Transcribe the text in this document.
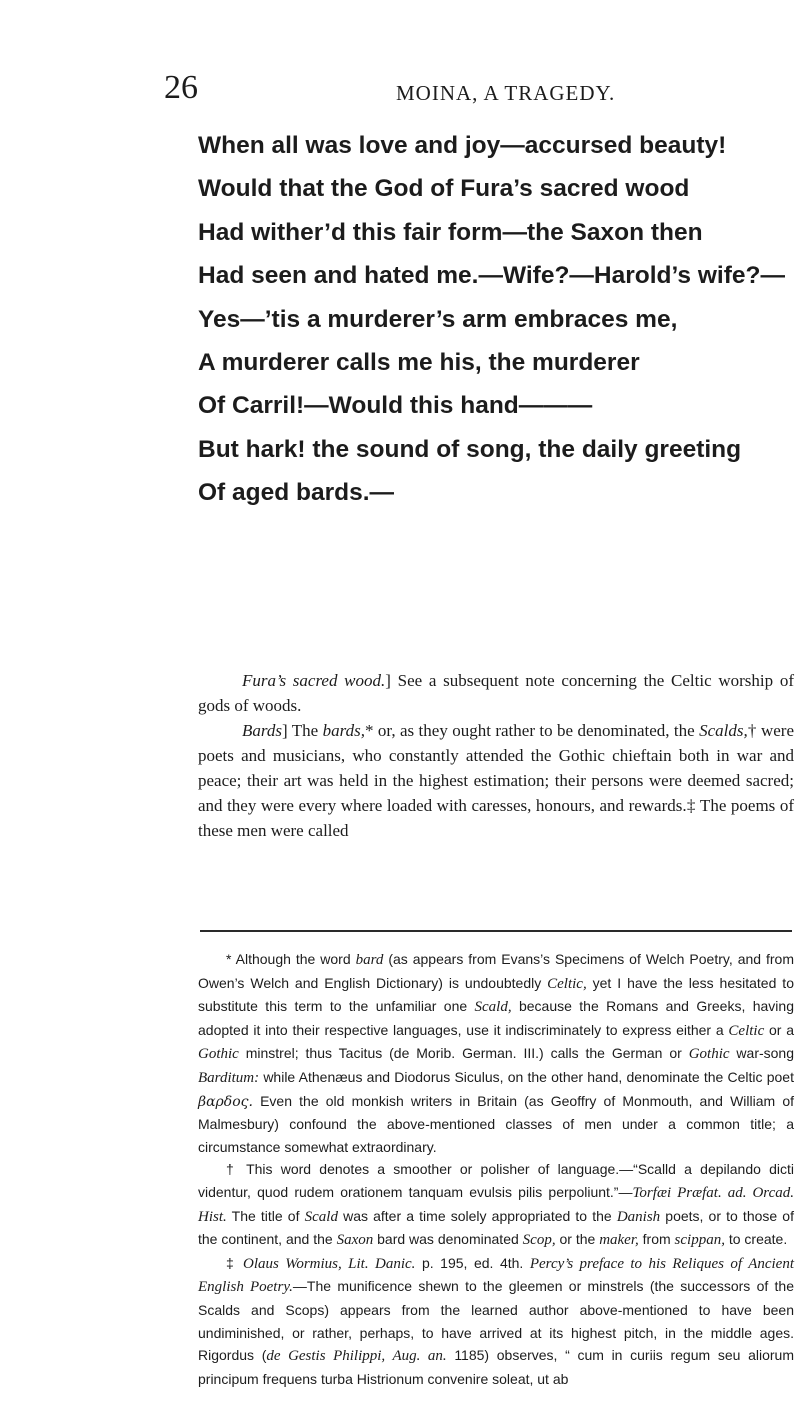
26	MOINA, A TRAGEDY.

When all was love and joy—accursed beauty!

Would that the God of Fura’s sacred wood

Had wither’d this fair form—the Saxon then

Had seen and hated me.—Wife?—Harold’s wife?—

Yes—’tis a murderer’s arm embraces me,

A murderer calls me his, the murderer

Of Carril!—Would this hand———

But hark! the sound of song, the daily greeting

Of aged bards.—

Fura’s sacred wood.] See a subsequent note concerning the Celtic worship of gods of woods.

Bards] The bards,* or, as they ought rather to be denominated, the Scalds,† were poets and musicians, who constantly attended the Gothic chieftain both in war and peace; their art was held in the highest estimation; their persons were deemed sacred; and they were every where loaded with caresses, honours, and rewards.‡ The poems of these men were called

* Although the word bard (as appears from Evans’s Specimens of Welch Poetry, and from Owen’s Welch and English Dictionary) is undoubtedly Celtic, yet I have the less hesitated to substitute this term to the unfamiliar one Scald, because the Romans and Greeks, having adopted it into their respective languages, use it indiscriminately to express either a Celtic or a Gothic minstrel; thus Tacitus (de Morib. German. III.) calls the German or Gothic war-song Barditum: while Athenæus and Diodorus Siculus, on the other hand, denominate the Celtic poet βαρδος. Even the old monkish writers in Britain (as Geoffry of Monmouth, and William of Malmesbury) confound the above-mentioned classes of men under a common title; a circumstance somewhat extraordinary.

† This word denotes a smoother or polisher of language.—“Scalld a depilando dicti videntur, quod rudem orationem tanquam evulsis pilis perpoliunt.”—Torfæi Præfat. ad. Orcad. Hist. The title of Scald was after a time solely appropriated to the Danish poets, or to those of the continent, and the Saxon bard was denominated Scop, or the maker, from scippan, to create.

‡ Olaus Wormius, Lit. Danic. p. 195, ed. 4th. Percy’s preface to his Reliques of Ancient English Poetry.—The munificence shewn to the gleemen or minstrels (the successors of the Scalds and Scops) appears from the learned author above-mentioned to have been undiminished, or rather, perhaps, to have arrived at its highest pitch, in the middle ages. Rigordus (de Gestis Philippi, Aug. an. 1185) observes, “ cum in curiis regum seu aliorum principum frequens turba Histrionum convenire soleat, ut ab
